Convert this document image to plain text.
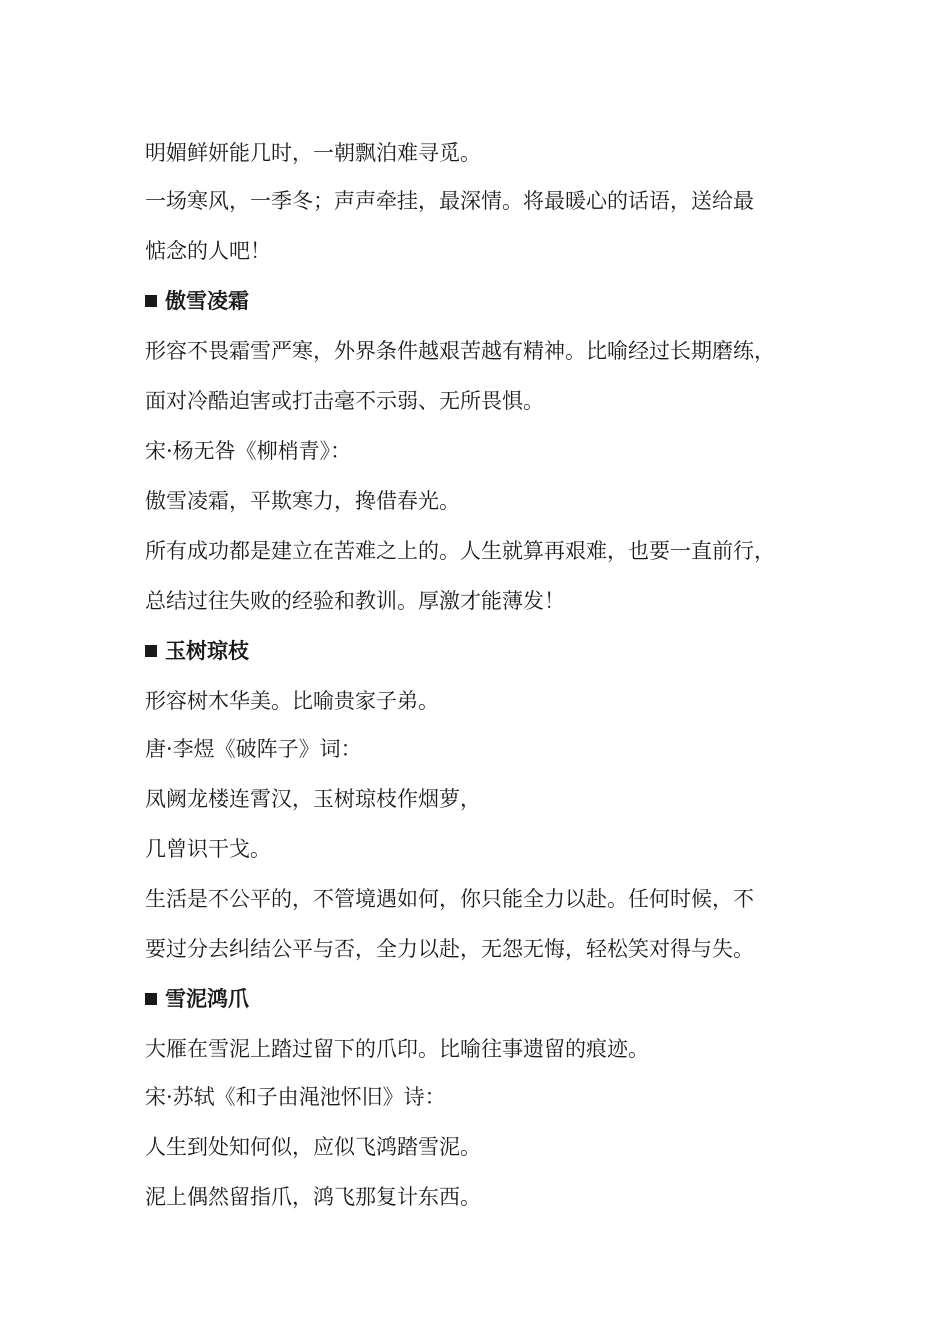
明媚鲜妍能几时，一朝飘泊难寻觅。
一场寒风，一季冬；声声牵挂，最深情。将最暖心的话语，送给最
惦念的人吧！
傲雪凌霜
形容不畏霜雪严寒，外界条件越艰苦越有精神。比喻经过长期磨练，
面对冷酷迫害或打击毫不示弱、无所畏惧。
宋·杨无咎《柳梢青》：
傲雪凌霜，平欺寒力，搀借春光。
所有成功都是建立在苦难之上的。人生就算再艰难，也要一直前行，
总结过往失败的经验和教训。厚激才能薄发！
玉树琼枝
形容树木华美。比喻贵家子弟。
唐·李煜《破阵子》词：
凤阙龙楼连霄汉，玉树琼枝作烟萝，
几曾识干戈。
生活是不公平的，不管境遇如何，你只能全力以赴。任何时候，不
要过分去纠结公平与否，全力以赴，无怨无悔，轻松笑对得与失。
雪泥鸿爪
大雁在雪泥上踏过留下的爪印。比喻往事遗留的痕迹。
宋·苏轼《和子由渑池怀旧》诗：
人生到处知何似，应似飞鸿踏雪泥。
泥上偶然留指爪，鸿飞那复计东西。
